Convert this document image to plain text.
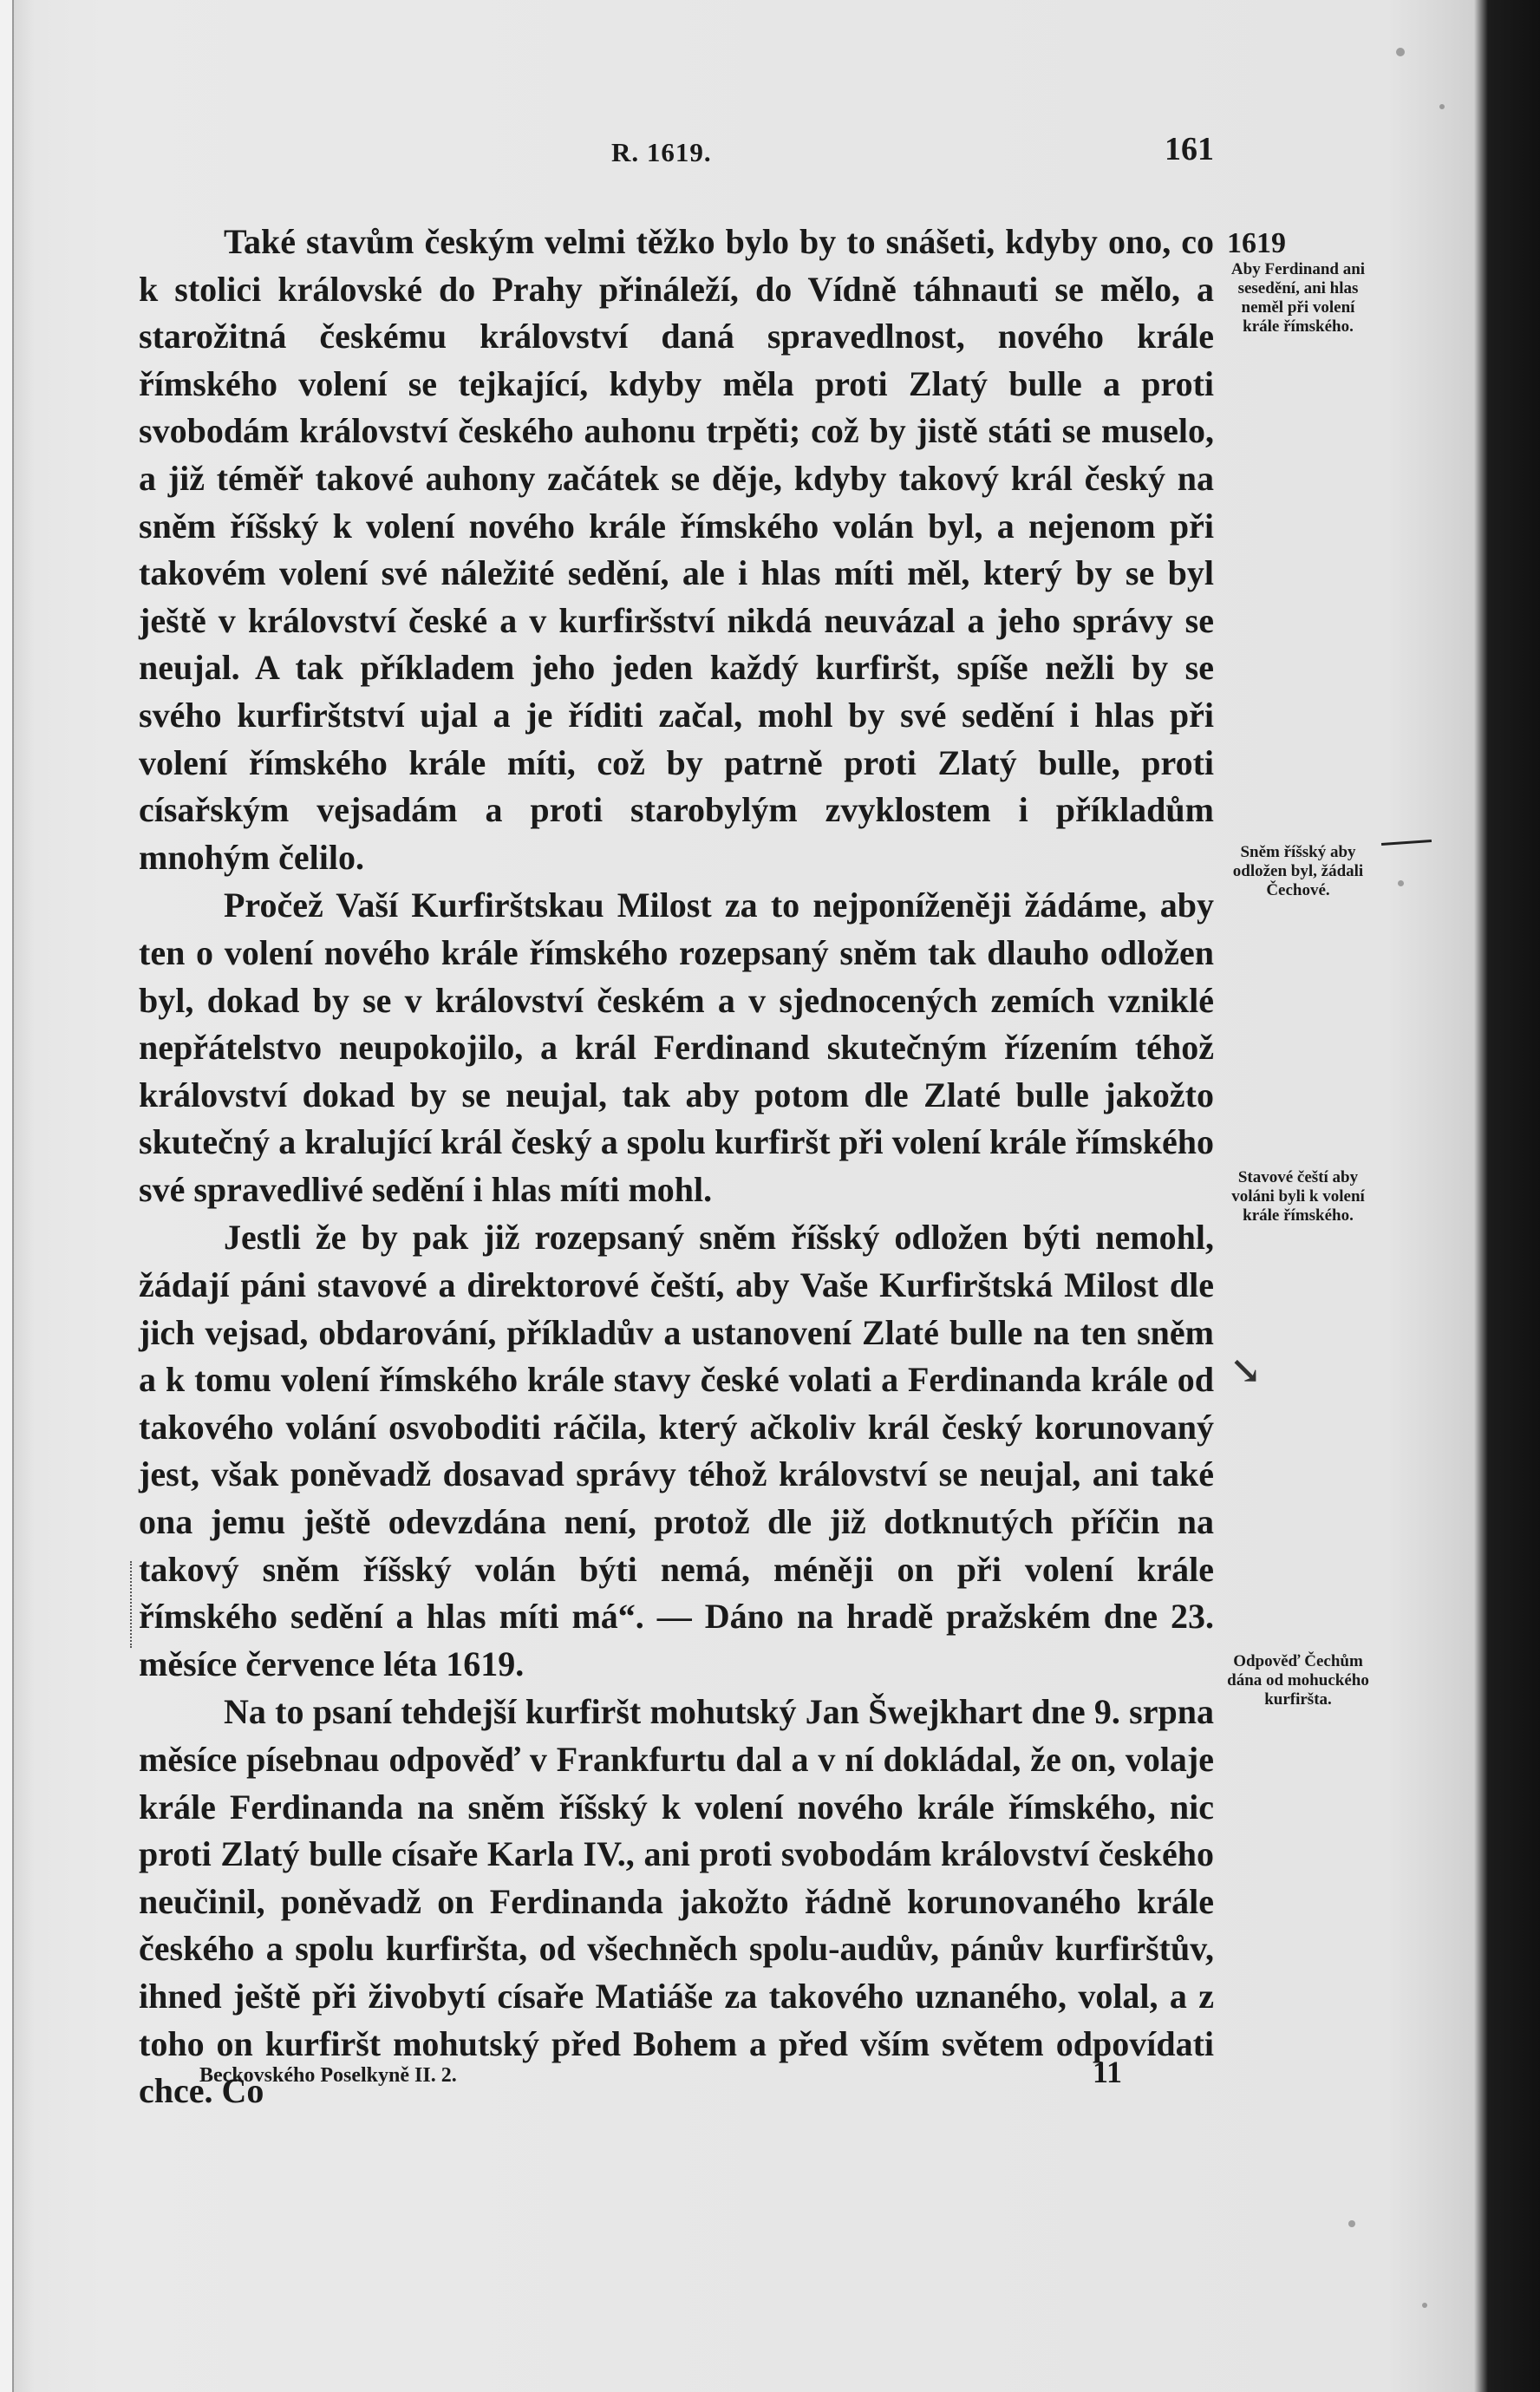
R. 1619.	161
1619
Aby Ferdinand ani sesedění, ani hlas neměl při volení krále římského.
Sněm říšský aby odložen byl, žádali Čechové.
Stavové čeští aby voláni byli k volení krále římského.
Odpověď Čechům dána od mohuckého kurfiršta.

Také stavům českým velmi těžko bylo by to snášeti, kdyby ono, co k stolici královské do Prahy přináleží, do Vídně táhnauti se mělo, a starožitná českému království daná spravedlnost, nového krále římského volení se tejkající, kdyby měla proti Zlatý bulle a proti svobodám království českého auhonu trpěti; což by jistě státi se muselo, a již téměř takové auhony začátek se děje, kdyby takový král český na sněm říšský k volení nového krále římského volán byl, a nejenom při takovém volení své náležité sedění, ale i hlas míti měl, který by se byl ještě v království české a v kurfiršství nikdá neuvázal a jeho správy se neujal. A tak příkladem jeho jeden každý kurfiršt, spíše nežli by se svého kurfirštství ujal a je říditi začal, mohl by své sedění i hlas při volení římského krále míti, což by patrně proti Zlatý bulle, proti císařským vejsadám a proti starobylým zvyklostem i příkladům mnohým čelilo.

Pročež Vaší Kurfirštskau Milost za to nejponíženěji žádáme, aby ten o volení nového krále římského rozepsaný sněm tak dlauho odložen byl, dokad by se v království českém a v sjednocených zemích vzniklé nepřátelstvo neupokojilo, a král Ferdinand skutečným řízením téhož království dokad by se neujal, tak aby potom dle Zlaté bulle jakožto skutečný a kralující král český a spolu kurfiršt při volení krále římského své spravedlivé sedění i hlas míti mohl.

Jestli že by pak již rozepsaný sněm říšský odložen býti nemohl, žádají páni stavové a direktorové čeští, aby Vaše Kurfirštská Milost dle jich vejsad, obdarování, příkladův a ustanovení Zlaté bulle na ten sněm a k tomu volení římského krále stavy české volati a Ferdinanda krále od takového volání osvoboditi ráčila, který ačkoliv král český korunovaný jest, však poněvadž dosavad správy téhož království se neujal, ani také ona jemu ještě odevzdána není, protož dle již dotknutých příčin na takový sněm říšský volán býti nemá, méněji on při volení krále římského sedění a hlas míti má“. — Dáno na hradě pražském dne 23. měsíce července léta 1619.

Na to psaní tehdejší kurfiršt mohutský Jan Šwejkhart dne 9. srpna měsíce písebnau odpověď v Frankfurtu dal a v ní dokládal, že on, volaje krále Ferdinanda na sněm říšský k volení nového krále římského, nic proti Zlatý bulle císaře Karla IV., ani proti svobodám království českého neučinil, poněvadž on Ferdinanda jakožto řádně korunovaného krále českého a spolu kurfiršta, od všechněch spolu-audův, pánův kurfirštův, ihned ještě při živobytí císaře Matiáše za takového uznaného, volal, a z toho on kurfiršt mohutský před Bohem a před vším světem odpovídati chce. Co

Beckovského Poselkyně II. 2.	11
↘
